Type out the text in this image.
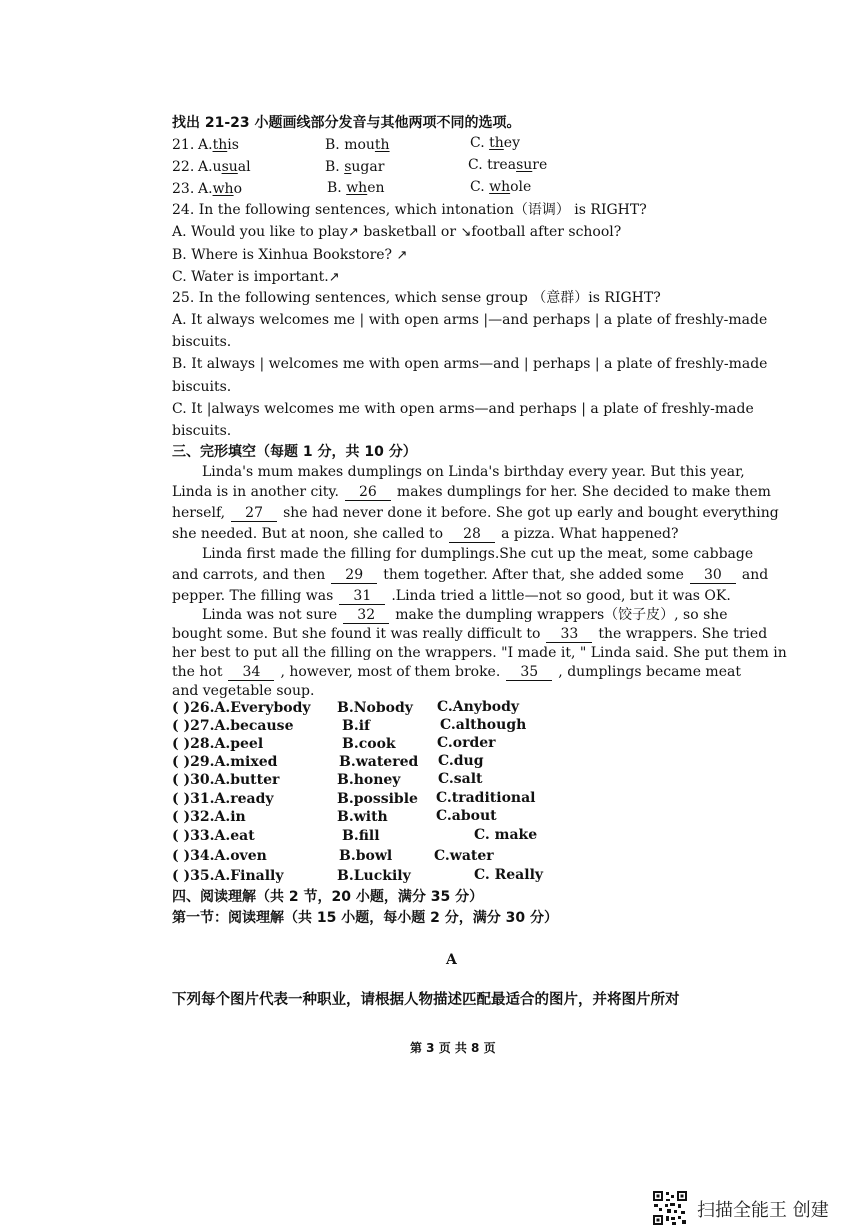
找出 21-23 小题画线部分发音与其他两项不同的选项。
21. A.this	B. mouth	C. they
22. A.usual	B. sugar	C. treasure
23. A.who	B. when	C. whole
24. In the following sentences, which intonation（语调） is RIGHT?
A. Would you like to play↗ basketball or ↘football after school?
B. Where is Xinhua Bookstore? ↗
C. Water is important.↗
25. In the following sentences, which sense group （意群）is RIGHT?
A. It always welcomes me | with open arms |—and perhaps | a plate of freshly-made
biscuits.
B. It always | welcomes me with open arms—and | perhaps | a plate of freshly-made
biscuits.
C. It |always welcomes me with open arms—and perhaps | a plate of freshly-made
biscuits.
三、完形填空（每题 1 分，共 10 分）
Linda's mum makes dumplings on Linda's birthday every year. But this year,
Linda is in another city. 26 makes dumplings for her. She decided to make them
herself, 27 she had never done it before. She got up early and bought everything
she needed. But at noon, she called to 28 a pizza. What happened?
Linda first made the filling for dumplings.She cut up the meat, some cabbage
and carrots, and then 29 them together. After that, she added some 30 and
pepper. The filling was 31 .Linda tried a little—not so good, but it was OK.
Linda was not sure 32 make the dumpling wrappers（饺子皮）, so she
bought some. But she found it was really difficult to 33 the wrappers. She tried
her best to put all the filling on the wrappers. "I made it, " Linda said. She put them in
the hot 34 , however, most of them broke. 35 , dumplings became meat
and vegetable soup.
( )26.A.Everybody B.Nobody C.Anybody
( )27.A.because	B.if	C.although
( )28.A.peel	B.cook	C.order
( )29.A.mixed	B.watered C.dug
( )30.A.butter	B.honey	C.salt
( )31.A.ready	B.possible C.traditional
( )32.A.in	B.with	C.about
( )33.A.eat	B.fill	C. make
( )34.A.oven	B.bowl	C.water
( )35.A.Finally	B.Luckily	C. Really
四、阅读理解（共 2 节，20 小题，满分 35 分）
第一节：阅读理解（共 15 小题，每小题 2 分，满分 30 分）
A
下列每个图片代表一种职业，请根据人物描述匹配最适合的图片，并将图片所对
第 3 页 共 8 页
扫描全能王 创建
